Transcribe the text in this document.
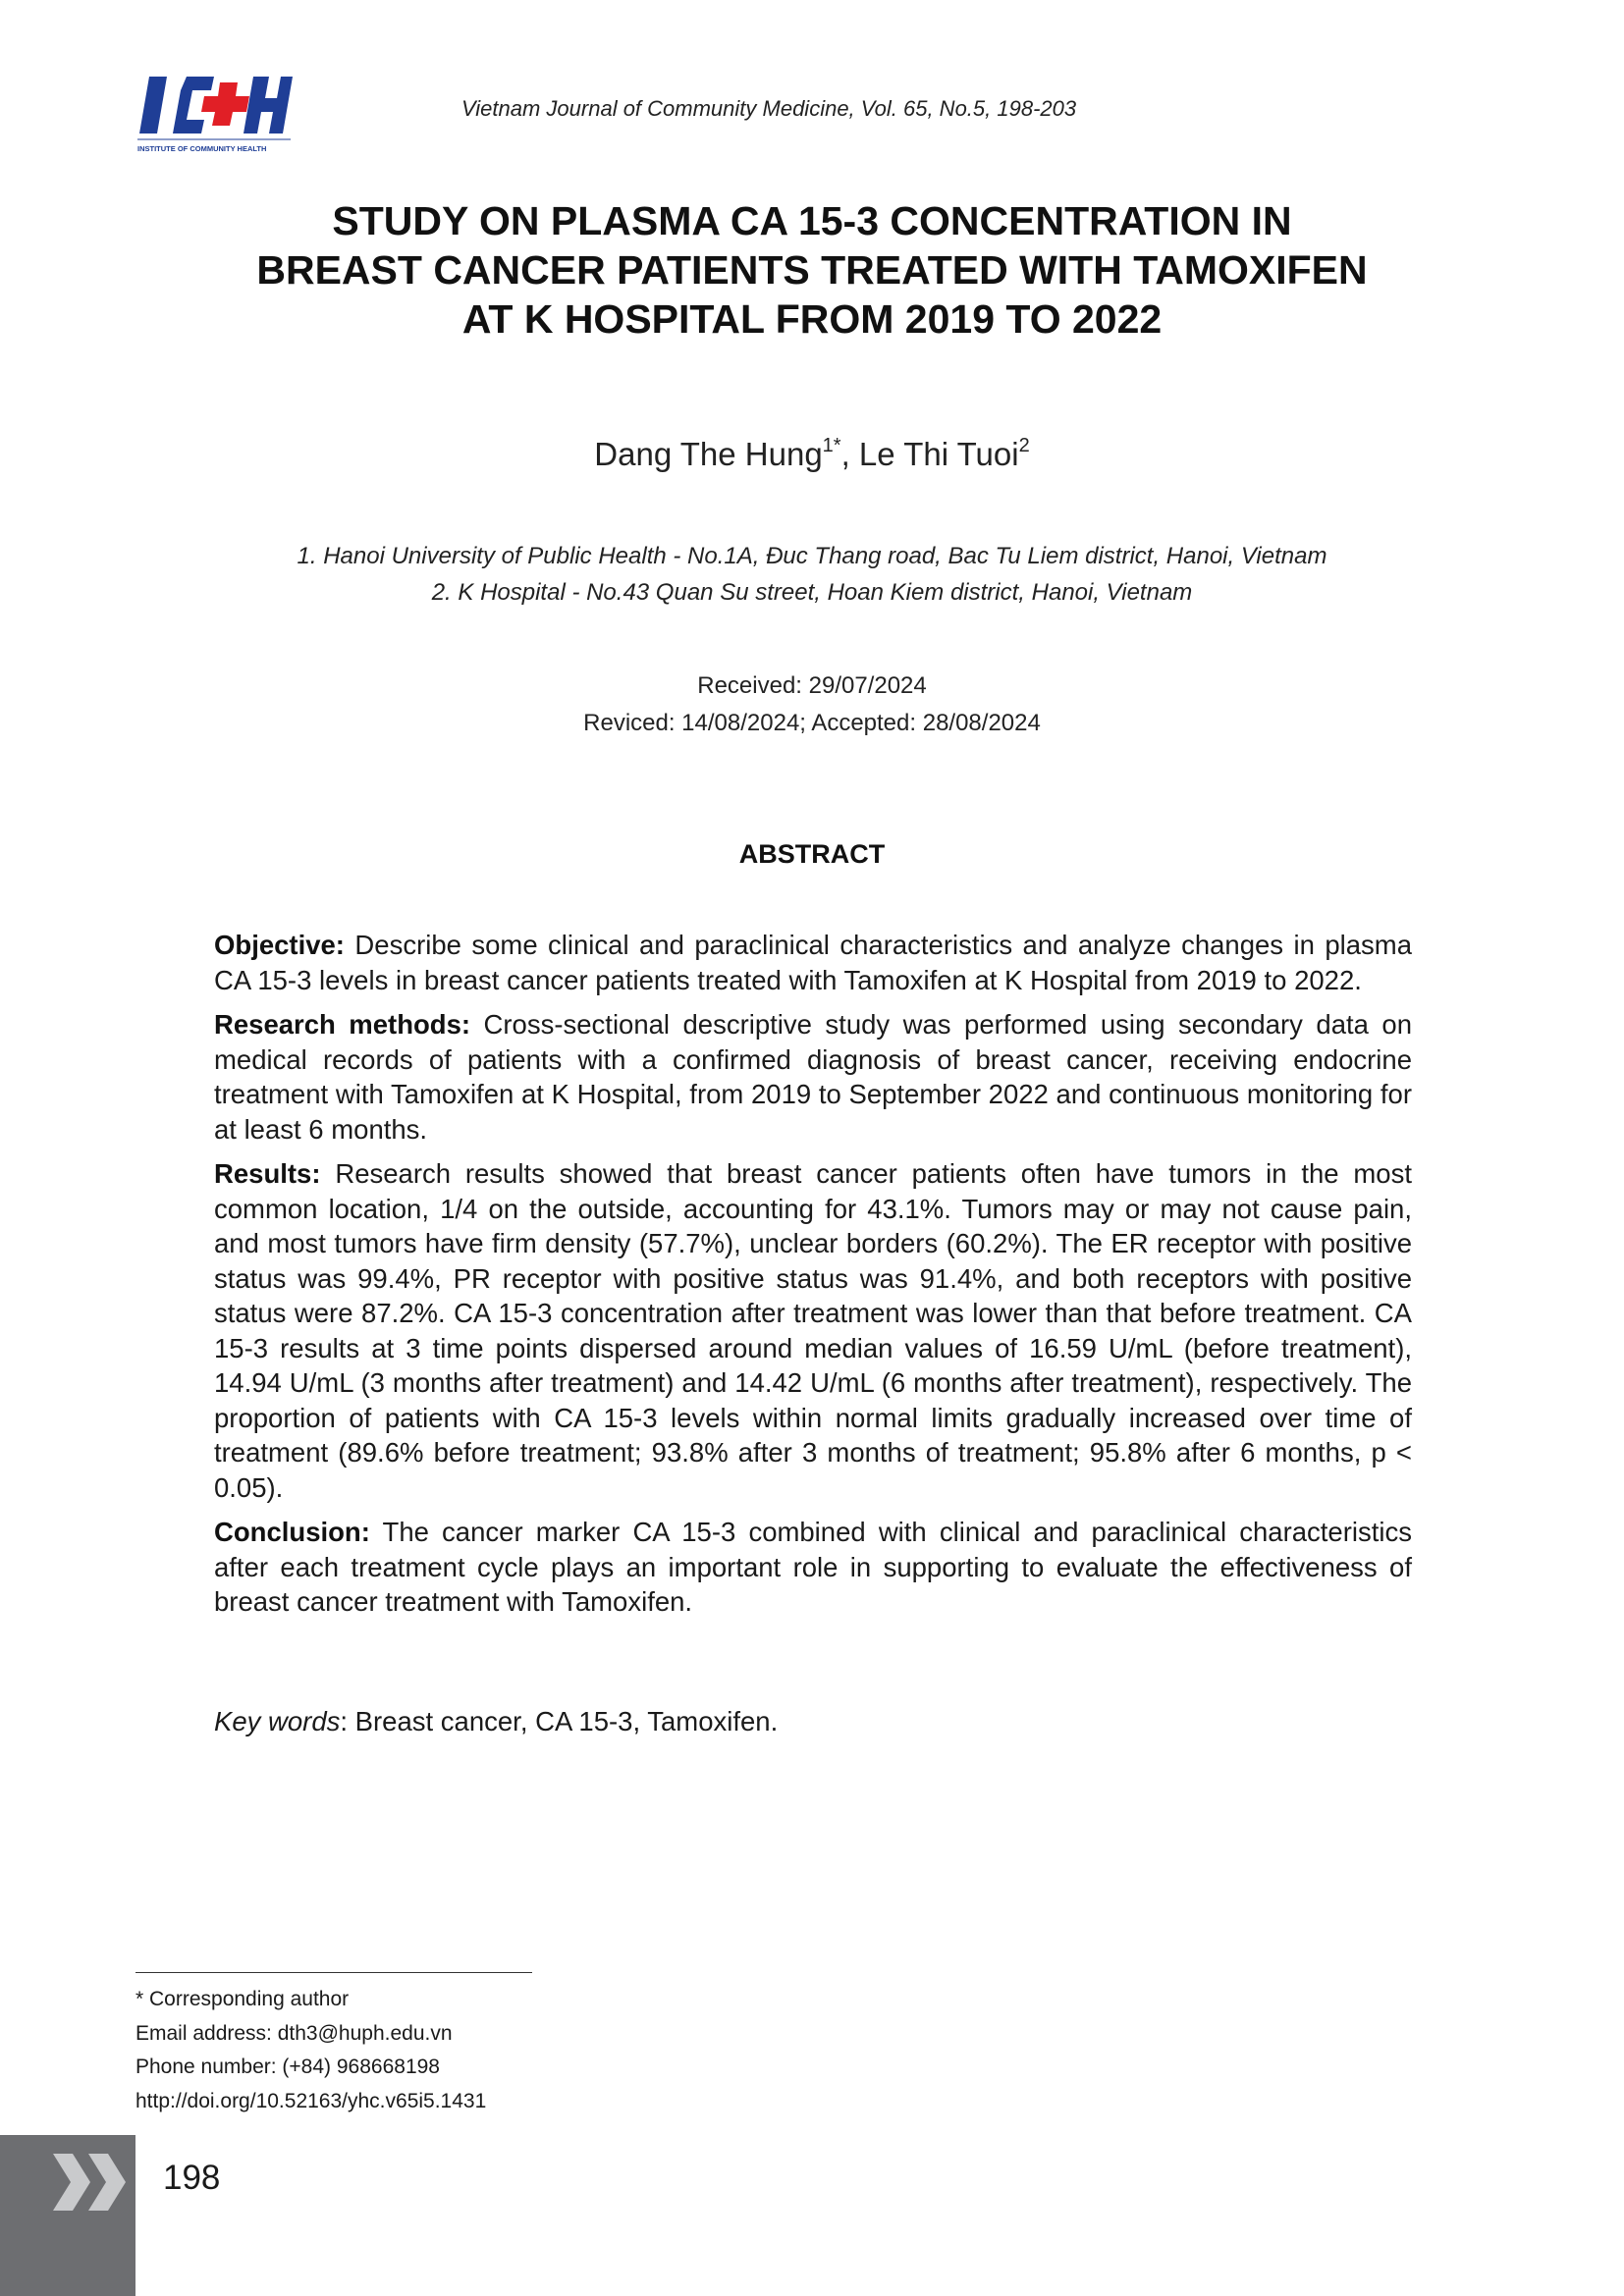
INSTITUTE OF COMMUNITY HEALTH
Vietnam Journal of Community Medicine, Vol. 65, No.5, 198-203
STUDY ON PLASMA CA 15-3 CONCENTRATION IN
BREAST CANCER PATIENTS TREATED WITH TAMOXIFEN
AT K HOSPITAL FROM 2019 TO 2022
Dang The Hung$^{1*}$, Le Thi Tuoi$^2$
1. Hanoi University of Public Health - No.1A, Đuc Thang road, Bac Tu Liem district, Hanoi, Vietnam
2. K Hospital - No.43 Quan Su street, Hoan Kiem district, Hanoi, Vietnam
Received: 29/07/2024
Reviced: 14/08/2024; Accepted: 28/08/2024
ABSTRACT

Objective: Describe some clinical and paraclinical characteristics and analyze changes in plasma CA 15-3 levels in breast cancer patients treated with Tamoxifen at K Hospital from 2019 to 2022.

Research methods: Cross-sectional descriptive study was performed using secondary data on medical records of patients with a confirmed diagnosis of breast cancer, receiving endocrine treatment with Tamoxifen at K Hospital, from 2019 to September 2022 and continuous monitoring for at least 6 months.

Results: Research results showed that breast cancer patients often have tumors in the most common location, 1/4 on the outside, accounting for 43.1%. Tumors may or may not cause pain, and most tumors have firm density (57.7%), unclear borders (60.2%). The ER receptor with positive status was 99.4%, PR receptor with positive status was 91.4%, and both receptors with positive status were 87.2%. CA 15-3 concentration after treatment was lower than that before treatment. CA 15-3 results at 3 time points dispersed around median values of 16.59 U/mL (before treatment), 14.94 U/mL (3 months after treatment) and 14.42 U/mL (6 months after treatment), respectively. The proportion of patients with CA 15-3 levels within normal limits gradually increased over time of treatment (89.6% before treatment; 93.8% after 3 months of treatment; 95.8% after 6 months, p < 0.05).

Conclusion: The cancer marker CA 15-3 combined with clinical and paraclinical characteristics after each treatment cycle plays an important role in supporting to evaluate the effectiveness of breast cancer treatment with Tamoxifen.

Key words: Breast cancer, CA 15-3, Tamoxifen.
* Corresponding author
Email address: dth3@huph.edu.vn
Phone number: (+84) 968668198
http://doi.org/10.52163/yhc.v65i5.1431
198
